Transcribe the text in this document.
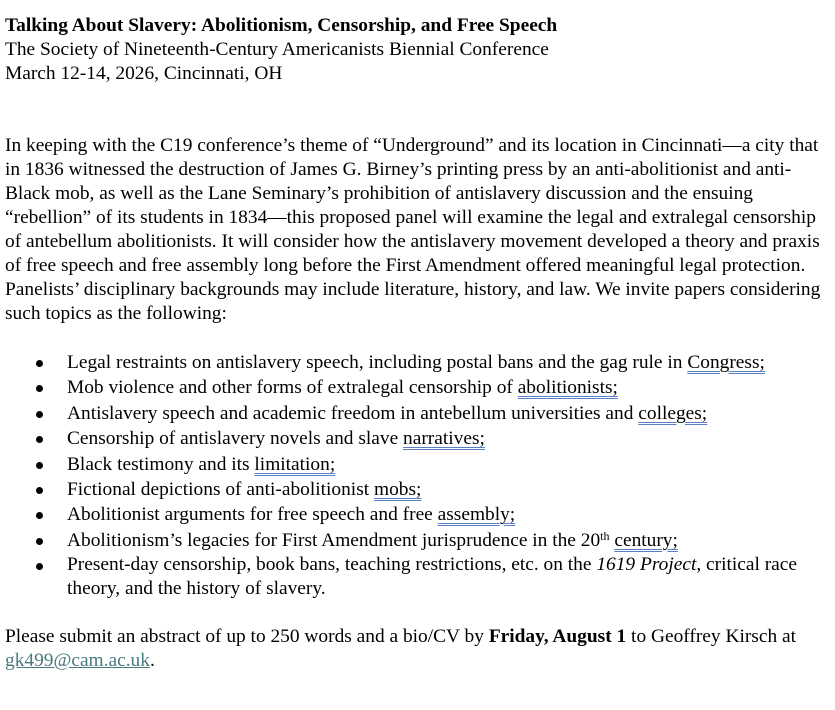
Talking About Slavery: Abolitionism, Censorship, and Free Speech

The Society of Nineteenth-Century Americanists Biennial Conference

March 12-14, 2026, Cincinnati, OH

In keeping with the C19 conference’s theme of “Underground” and its location in Cincinnati—a city that in 1836 witnessed the destruction of James G. Birney’s printing press by an anti-abolitionist and anti-Black mob, as well as the Lane Seminary’s prohibition of antislavery discussion and the ensuing “rebellion” of its students in 1834—this proposed panel will examine the legal and extralegal censorship of antebellum abolitionists. It will consider how the antislavery movement developed a theory and praxis of free speech and free assembly long before the First Amendment offered meaningful legal protection. Panelists’ disciplinary backgrounds may include literature, history, and law. We invite papers considering such topics as the following:

Legal restraints on antislavery speech, including postal bans and the gag rule in Congress;
Mob violence and other forms of extralegal censorship of abolitionists;
Antislavery speech and academic freedom in antebellum universities and colleges;
Censorship of antislavery novels and slave narratives;
Black testimony and its limitation;
Fictional depictions of anti-abolitionist mobs;
Abolitionist arguments for free speech and free assembly;
Abolitionism’s legacies for First Amendment jurisprudence in the 20th century;
Present-day censorship, book bans, teaching restrictions, etc. on the 1619 Project, critical race theory, and the history of slavery.

Please submit an abstract of up to 250 words and a bio/CV by Friday, August 1 to Geoffrey Kirsch at gk499@cam.ac.uk.
